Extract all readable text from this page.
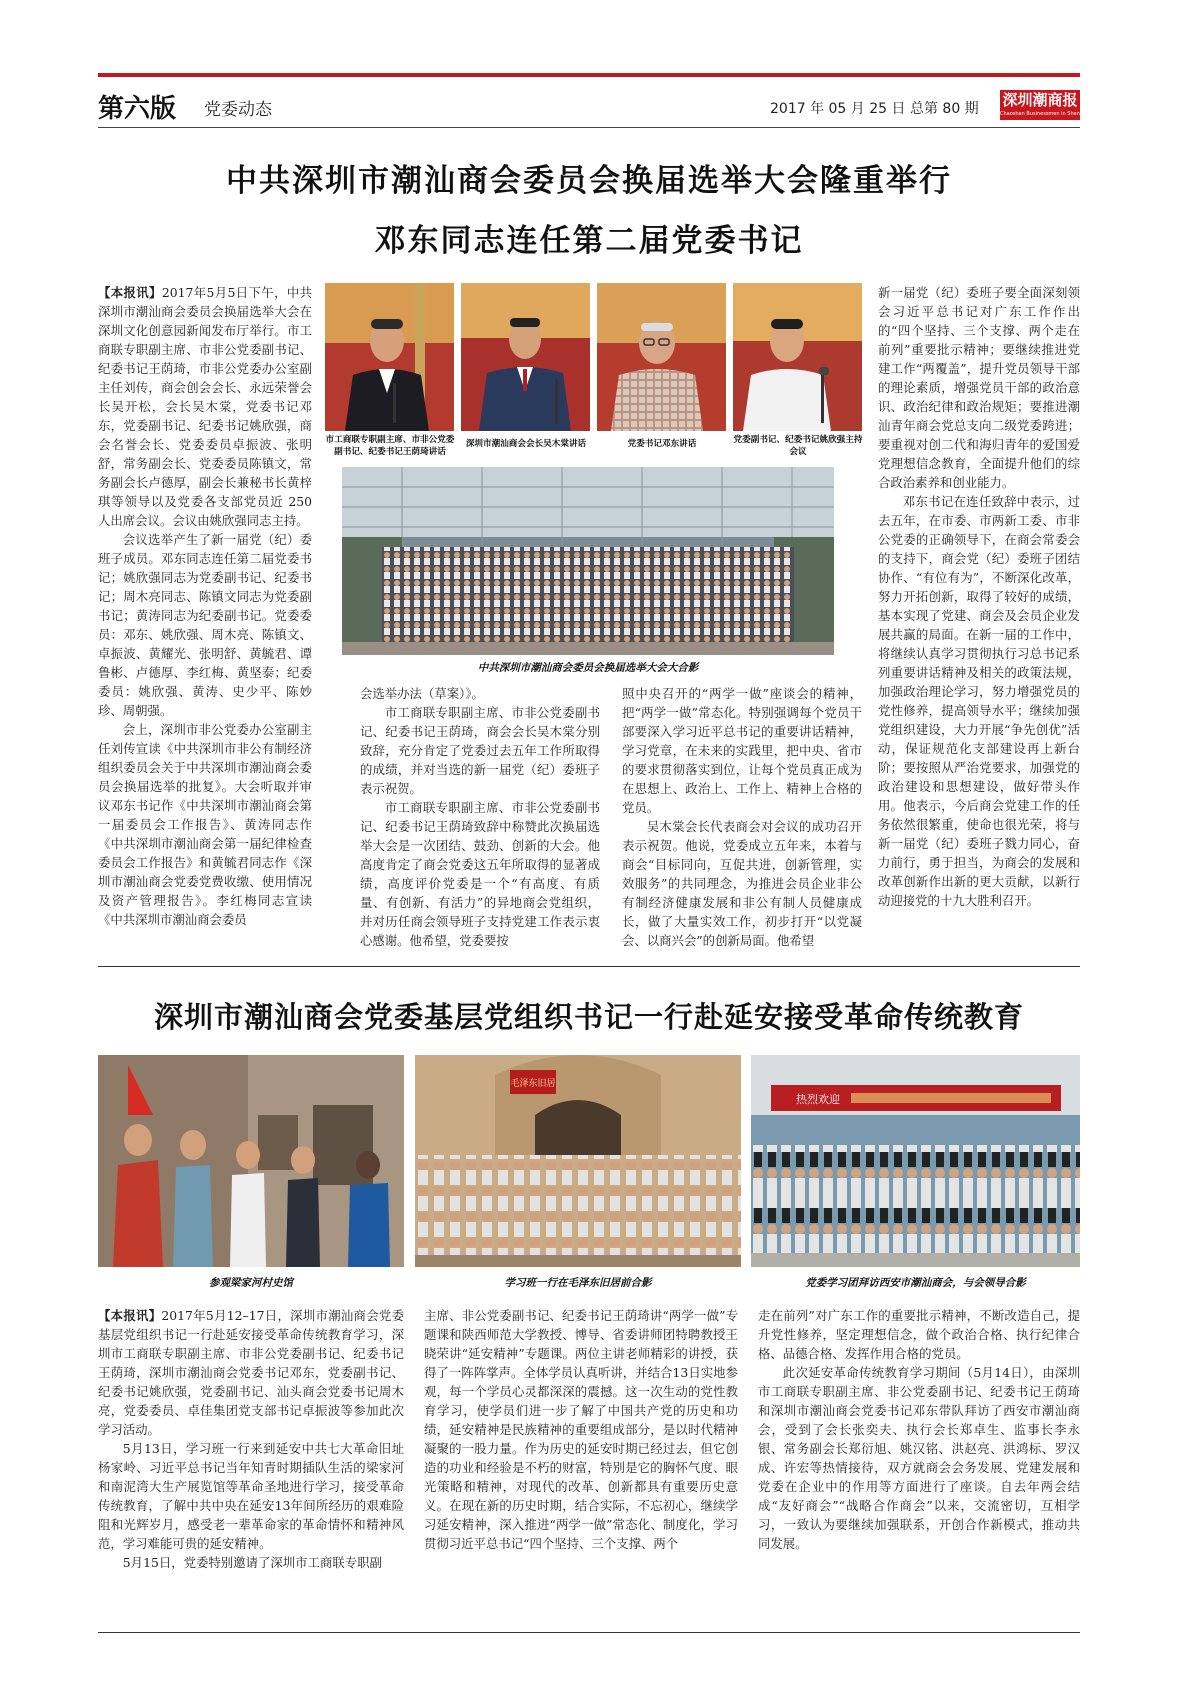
第六版 党委动态	2017 年 05 月 25 日 总第 80 期 深圳潮商报
Chaoshan Businessmen in Shenzhen
中共深圳市潮汕商会委员会换届选举大会隆重举行
邓东同志连任第二届党委书记
市工商联专职副主席、市非公党委副书记、纪委书记王荫琦讲话
深圳市潮汕商会会长吴木棠讲话	党委书记邓东讲话	党委副书记、纪委书记姚欣强主持会议
中共深圳市潮汕商会委员会换届选举大会大合影

【本报讯】2017年5月5日下午，中共深圳市潮汕商会委员会换届选举大会在深圳文化创意园新闻发布厅举行。市工商联专职副主席、市非公党委副书记、纪委书记王荫琦，市非公党委办公室副主任刘传，商会创会会长、永远荣誉会长吴开松，会长吴木棠，党委书记邓东，党委副书记、纪委书记姚欣强，商会名誉会长、党委委员卓振波、张明舒，常务副会长、党委委员陈镇文，常务副会长卢德厚，副会长兼秘书长黄梓琪等领导以及党委各支部党员近 250 人出席会议。会议由姚欣强同志主持。

会议选举产生了新一届党（纪）委班子成员。邓东同志连任第二届党委书记；姚欣强同志为党委副书记、纪委书记；周木亮同志、陈镇文同志为党委副书记；黄涛同志为纪委副书记。党委委员：邓东、姚欣强、周木亮、陈镇文、卓振波、黄耀光、张明舒、黄毓君、谭鲁彬、卢德厚、李红梅、黄坚泰；纪委委员：姚欣强、黄涛、史少平、陈妙珍、周朝强。

会上，深圳市非公党委办公室副主任刘传宣读《中共深圳市非公有制经济组织委员会关于中共深圳市潮汕商会委员会换届选举的批复》。大会听取并审议邓东书记作《中共深圳市潮汕商会第一届委员会工作报告》、黄涛同志作《中共深圳市潮汕商会第一届纪律检查委员会工作报告》和黄毓君同志作《深圳市潮汕商会党委党费收缴、使用情况及资产管理报告》。李红梅同志宣读《中共深圳市潮汕商会委员

会选举办法（草案）》。

市工商联专职副主席、市非公党委副书记、纪委书记王荫琦，商会会长吴木棠分别致辞，充分肯定了党委过去五年工作所取得的成绩，并对当选的新一届党（纪）委班子表示祝贺。

市工商联专职副主席、市非公党委副书记、纪委书记王荫琦致辞中称赞此次换届选举大会是一次团结、鼓劲、创新的大会。他高度肯定了商会党委这五年所取得的显著成绩，高度评价党委是一个“有高度、有质量、有创新、有活力”的异地商会党组织，并对历任商会领导班子支持党建工作表示衷心感谢。他希望，党委要按

照中央召开的“两学一做”座谈会的精神，把“两学一做”常态化。特别强调每个党员干部要深入学习近平总书记的重要讲话精神，学习党章，在未来的实践里，把中央、省市的要求贯彻落实到位，让每个党员真正成为在思想上、政治上、工作上、精神上合格的党员。

吴木棠会长代表商会对会议的成功召开表示祝贺。他说，党委成立五年来，本着与商会“目标同向，互促共进，创新管理，实效服务”的共同理念，为推进会员企业非公有制经济健康发展和非公有制人员健康成长，做了大量实效工作，初步打开“以党凝会、以商兴会”的创新局面。他希望

新一届党（纪）委班子要全面深刻领会习近平总书记对广东工作作出的“四个坚持、三个支撑、两个走在前列”重要批示精神；要继续推进党建工作“两覆盖”，提升党员领导干部的理论素质，增强党员干部的政治意识、政治纪律和政治规矩；要推进潮汕青年商会党总支向二级党委跨进；要重视对创二代和海归青年的爱国爱党理想信念教育，全面提升他们的综合政治素养和创业能力。

邓东书记在连任致辞中表示，过去五年，在市委、市两新工委、市非公党委的正确领导下，在商会常委会的支持下，商会党（纪）委班子团结协作、“有位有为”，不断深化改革，努力开拓创新，取得了较好的成绩，基本实现了党建、商会及会员企业发展共赢的局面。在新一届的工作中，将继续认真学习贯彻执行习总书记系列重要讲话精神及相关的政策法规，加强政治理论学习，努力增强党员的党性修养，提高领导水平；继续加强党组织建设，大力开展“争先创优”活动，保证规范化支部建设再上新台阶；要按照从严治党要求，加强党的政治建设和思想建设，做好带头作用。他表示，今后商会党建工作的任务依然很繁重，使命也很光荣，将与新一届党（纪）委班子戮力同心，奋力前行，勇于担当，为商会的发展和改革创新作出新的更大贡献，以新行动迎接党的十九大胜利召开。

深圳市潮汕商会党委基层党组织书记一行赴延安接受革命传统教育
毛泽东旧居
热烈欢迎
参观梁家河村史馆	学习班一行在毛泽东旧居前合影	党委学习团拜访西安市潮汕商会，与会领导合影

【本报讯】2017年5月12–17日，深圳市潮汕商会党委基层党组织书记一行赴延安接受革命传统教育学习，深圳市工商联专职副主席、市非公党委副书记、纪委书记王荫琦，深圳市潮汕商会党委书记邓东，党委副书记、纪委书记姚欣强，党委副书记、汕头商会党委书记周木亮，党委委员、卓佳集团党支部书记卓振波等参加此次学习活动。

5月13日，学习班一行来到延安中共七大革命旧址杨家岭、习近平总书记当年知青时期插队生活的梁家河和南泥湾大生产展览馆等革命圣地进行学习，接受革命传统教育，了解中共中央在延安13年间所经历的艰难险阻和光辉岁月，感受老一辈革命家的革命情怀和精神风范，学习难能可贵的延安精神。

5月15日，党委特别邀请了深圳市工商联专职副

主席、非公党委副书记、纪委书记王荫琦讲“两学一做”专题课和陕西师范大学教授、博导、省委讲师团特聘教授王晓荣讲“延安精神”专题课。两位主讲老师精彩的讲授，获得了一阵阵掌声。全体学员认真听讲，并结合13日实地参观，每一个学员心灵都深深的震撼。这一次生动的党性教育学习，使学员们进一步了解了中国共产党的历史和功绩，延安精神是民族精神的重要组成部分，是以时代精神凝聚的一股力量。作为历史的延安时期已经过去，但它创造的功业和经验是不朽的财富，特别是它的胸怀气度、眼光策略和精神，对现代的改革、创新都具有重要历史意义。在现在新的历史时期，结合实际，不忘初心，继续学习延安精神，深入推进“两学一做”常态化、制度化，学习贯彻习近平总书记“四个坚持、三个支撑、两个

走在前列”对广东工作的重要批示精神，不断改造自己，提升党性修养，坚定理想信念，做个政治合格、执行纪律合格、品德合格、发挥作用合格的党员。

此次延安革命传统教育学习期间（5月14日），由深圳市工商联专职副主席、非公党委副书记、纪委书记王荫琦和深圳市潮汕商会党委书记邓东带队拜访了西安市潮汕商会，受到了会长张奕夫、执行会长郑卓生、监事长李永银、常务副会长郑衍旭、姚汉铭、洪赵亮、洪鸿标、罗汉成、许宏等热情接待，双方就商会会务发展、党建发展和党委在企业中的作用等方面进行了座谈。自去年两会结成“友好商会”“战略合作商会”以来，交流密切，互相学习，一致认为要继续加强联系，开创合作新模式，推动共同发展。
